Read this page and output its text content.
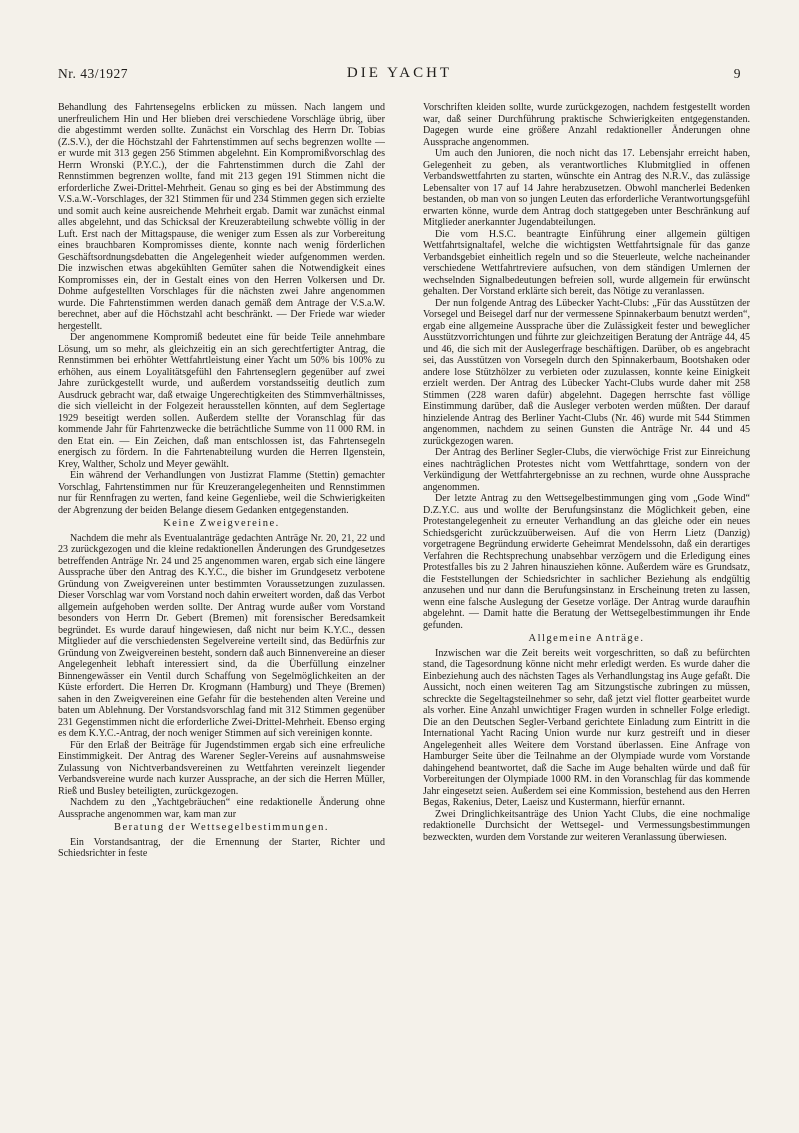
Nr. 43/1927	DIE YACHT	9

Behandlung des Fahrtensegelns erblicken zu müssen. Nach langem und unerfreulichem Hin und Her blieben drei verschiedene Vorschläge übrig, über die abgestimmt werden sollte. Zunächst ein Vorschlag des Herrn Dr. Tobias (Z.S.V.), der die Höchstzahl der Fahrtenstimmen auf sechs begrenzen wollte — er wurde mit 313 gegen 256 Stimmen abgelehnt. Ein Kompromißvorschlag des Herrn Wronski (P.Y.C.), der die Fahrtenstimmen durch die Zahl der Rennstimmen begrenzen wollte, fand mit 213 gegen 191 Stimmen nicht die erforderliche Zwei-Drittel-Mehrheit. Genau so ging es bei der Abstimmung des V.S.a.W.-Vorschlages, der 321 Stimmen für und 234 Stimmen gegen sich erzielte und somit auch keine ausreichende Mehrheit ergab. Damit war zunächst einmal alles abgelehnt, und das Schicksal der Kreuzerabteilung schwebte völlig in der Luft. Erst nach der Mittagspause, die weniger zum Essen als zur Vorbereitung eines brauchbaren Kompromisses diente, konnte nach wenig förderlichen Geschäftsordnungsdebatten die Angelegenheit wieder aufgenommen werden. Die inzwischen etwas abgekühlten Gemüter sahen die Notwendigkeit eines Kompromisses ein, der in Gestalt eines von den Herren Volkersen und Dr. Dohme aufgestellten Vorschlages für die nächsten zwei Jahre angenommen wurde. Die Fahrtenstimmen werden danach gemäß dem Antrage der V.S.a.W. berechnet, aber auf die Höchstzahl acht beschränkt. — Der Friede war wieder hergestellt.

Der angenommene Kompromiß bedeutet eine für beide Teile annehmbare Lösung, um so mehr, als gleichzeitig ein an sich gerechtfertigter Antrag, die Rennstimmen bei erhöhter Wettfahrtleistung einer Yacht um 50% bis 100% zu erhöhen, aus einem Loyalitätsgefühl den Fahrtenseglern gegenüber auf zwei Jahre zurückgestellt wurde, und außerdem vorstandsseitig deutlich zum Ausdruck gebracht war, daß etwaige Ungerechtigkeiten des Stimmverhältnisses, die sich vielleicht in der Folgezeit herausstellen könnten, auf dem Seglertage 1929 beseitigt werden sollen. Außerdem stellte der Voranschlag für das kommende Jahr für Fahrtenzwecke die beträchtliche Summe von 11 000 RM. in den Etat ein. — Ein Zeichen, daß man entschlossen ist, das Fahrtensegeln energisch zu fördern. In die Fahrtenabteilung wurden die Herren Ilgenstein, Krey, Walther, Scholz und Meyer gewählt.

Ein während der Verhandlungen von Justizrat Flamme (Stettin) gemachter Vorschlag, Fahrtenstimmen nur für Kreuzerangelegenheiten und Rennstimmen nur für Rennfragen zu werten, fand keine Gegenliebe, weil die Schwierigkeiten der Abgrenzung der beiden Belange diesem Gedanken entgegenstanden.

Keine Zweigvereine.

Nachdem die mehr als Eventualanträge gedachten Anträge Nr. 20, 21, 22 und 23 zurückgezogen und die kleine redaktionellen Änderungen des Grundgesetzes betreffenden Anträge Nr. 24 und 25 angenommen waren, ergab sich eine längere Aussprache über den Antrag des K.Y.C., die bisher im Grundgesetz verbotene Gründung von Zweigvereinen unter bestimmten Voraussetzungen zuzulassen. Dieser Vorschlag war vom Vorstand noch dahin erweitert worden, daß das Verbot allgemein aufgehoben werden sollte. Der Antrag wurde außer vom Vorstand besonders von Herrn Dr. Gebert (Bremen) mit forensischer Beredsamkeit begründet. Es wurde darauf hingewiesen, daß nicht nur beim K.Y.C., dessen Mitglieder auf die verschiedensten Segelvereine verteilt sind, das Bedürfnis zur Gründung von Zweigvereinen besteht, sondern daß auch Binnenvereine an dieser Angelegenheit lebhaft interessiert sind, da die Überfüllung einzelner Binnengewässer ein Ventil durch Schaffung von Segelmöglichkeiten an der Küste erfordert. Die Herren Dr. Krogmann (Hamburg) und Theye (Bremen) sahen in den Zweigvereinen eine Gefahr für die bestehenden alten Vereine und baten um Ablehnung. Der Vorstandsvorschlag fand mit 312 Stimmen gegenüber 231 Gegenstimmen nicht die erforderliche Zwei-Drittel-Mehrheit. Ebenso erging es dem K.Y.C.-Antrag, der noch weniger Stimmen auf sich vereinigen konnte.

Für den Erlaß der Beiträge für Jugendstimmen ergab sich eine erfreuliche Einstimmigkeit. Der Antrag des Warener Segler-Vereins auf ausnahmsweise Zulassung von Nichtverbandsvereinen zu Wettfahrten vereinzelt liegender Verbandsvereine wurde nach kurzer Aussprache, an der sich die Herren Müller, Rieß und Busley beteiligten, zurückgezogen.

Nachdem zu den „Yachtgebräuchen“ eine redaktionelle Änderung ohne Aussprache angenommen war, kam man zur

Beratung der Wettsegelbestimmungen.

Ein Vorstandsantrag, der die Ernennung der Starter, Richter und Schiedsrichter in feste

Vorschriften kleiden sollte, wurde zurückgezogen, nachdem festgestellt worden war, daß seiner Durchführung praktische Schwierigkeiten entgegenstanden. Dagegen wurde eine größere Anzahl redaktioneller Änderungen ohne Aussprache angenommen.

Um auch den Junioren, die noch nicht das 17. Lebensjahr erreicht haben, Gelegenheit zu geben, als verantwortliches Klubmitglied in offenen Verbandswettfahrten zu starten, wünschte ein Antrag des N.R.V., das zulässige Lebensalter von 17 auf 14 Jahre herabzusetzen. Obwohl mancherlei Bedenken bestanden, ob man von so jungen Leuten das erforderliche Verantwortungsgefühl erwarten könne, wurde dem Antrag doch stattgegeben unter Beschränkung auf Mitglieder anerkannter Jugendabteilungen.

Die vom H.S.C. beantragte Einführung einer allgemein gültigen Wettfahrtsignaltafel, welche die wichtigsten Wettfahrtsignale für das ganze Verbandsgebiet einheitlich regeln und so die Steuerleute, welche nacheinander verschiedene Wettfahrtreviere aufsuchen, von dem ständigen Umlernen der wechselnden Signalbedeutungen befreien soll, wurde allgemein für erwünscht gehalten. Der Vorstand erklärte sich bereit, das Nötige zu veranlassen.

Der nun folgende Antrag des Lübecker Yacht-Clubs: „Für das Ausstützen der Vorsegel und Beisegel darf nur der vermessene Spinnakerbaum benutzt werden“, ergab eine allgemeine Aussprache über die Zulässigkeit fester und beweglicher Ausstützvorrichtungen und führte zur gleichzeitigen Beratung der Anträge 44, 45 und 46, die sich mit der Auslegerfrage beschäftigen. Darüber, ob es angebracht sei, das Ausstützen von Vorsegeln durch den Spinnakerbaum, Bootshaken oder andere lose Stützhölzer zu verbieten oder zuzulassen, konnte keine Einigkeit erzielt werden. Der Antrag des Lübecker Yacht-Clubs wurde daher mit 258 Stimmen (228 waren dafür) abgelehnt. Dagegen herrschte fast völlige Einstimmung darüber, daß die Ausleger verboten werden müßten. Der darauf hinzielende Antrag des Berliner Yacht-Clubs (Nr. 46) wurde mit 544 Stimmen angenommen, nachdem zu seinen Gunsten die Anträge Nr. 44 und 45 zurückgezogen waren.

Der Antrag des Berliner Segler-Clubs, die vierwöchige Frist zur Einreichung eines nachträglichen Protestes nicht vom Wettfahrttage, sondern von der Verkündigung der Wettfahrtergebnisse an zu rechnen, wurde ohne Aussprache angenommen.

Der letzte Antrag zu den Wettsegelbestimmungen ging vom „Gode Wind“ D.Z.Y.C. aus und wollte der Berufungsinstanz die Möglichkeit geben, eine Protestangelegenheit zu erneuter Verhandlung an das gleiche oder ein neues Schiedsgericht zurückzuüberweisen. Auf die von Herrn Lietz (Danzig) vorgetragene Begründung erwiderte Geheimrat Mendelssohn, daß ein derartiges Verfahren die Rechtsprechung unabsehbar verzögern und die Erledigung eines Protestfalles bis zu 2 Jahren hinausziehen könne. Außerdem wäre es Grundsatz, die Feststellungen der Schiedsrichter in sachlicher Beziehung als endgültig anzusehen und nur dann die Berufungsinstanz in Erscheinung treten zu lassen, wenn eine falsche Auslegung der Gesetze vorläge. Der Antrag wurde daraufhin abgelehnt. — Damit hatte die Beratung der Wettsegelbestimmungen ihr Ende gefunden.

Allgemeine Anträge.

Inzwischen war die Zeit bereits weit vorgeschritten, so daß zu befürchten stand, die Tagesordnung könne nicht mehr erledigt werden. Es wurde daher die Einbeziehung auch des nächsten Tages als Verhandlungstag ins Auge gefaßt. Die Aussicht, noch einen weiteren Tag am Sitzungstische zubringen zu müssen, schreckte die Segeltagsteilnehmer so sehr, daß jetzt viel flotter gearbeitet wurde als vorher. Eine Anzahl unwichtiger Fragen wurden in schneller Folge erledigt. Die an den Deutschen Segler-Verband gerichtete Einladung zum Eintritt in die International Yacht Racing Union wurde nur kurz gestreift und in dieser Angelegenheit alles Weitere dem Vorstand überlassen. Eine Anfrage von Hamburger Seite über die Teilnahme an der Olympiade wurde vom Vorstande dahingehend beantwortet, daß die Sache im Auge behalten würde und daß für Vorbereitungen der Olympiade 1000 RM. in den Voranschlag für das kommende Jahr eingesetzt seien. Außerdem sei eine Kommission, bestehend aus den Herren Begas, Rakenius, Deter, Laeisz und Kustermann, hierfür ernannt.

Zwei Dringlichkeitsanträge des Union Yacht Clubs, die eine nochmalige redaktionelle Durchsicht der Wettsegel- und Vermessungsbestimmungen bezweckten, wurden dem Vorstande zur weiteren Veranlassung überwiesen.
